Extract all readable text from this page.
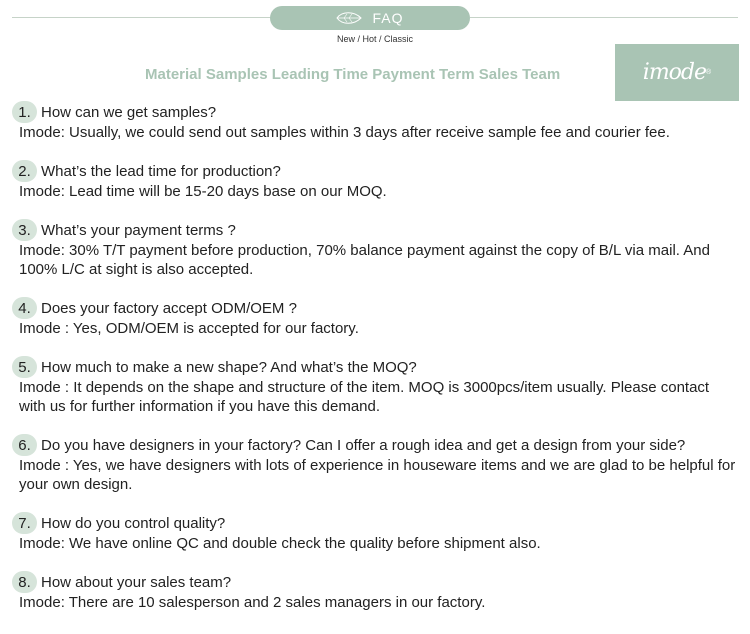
FAQ
New / Hot / Classic
Material Samples Leading Time Payment Term Sales Team	imode ®
1. How can we get samples?
Imode: Usually, we could send out samples within 3 days after receive sample fee and courier fee.
2. What’s the lead time for production?
Imode: Lead time will be 15-20 days base on our MOQ.
3. What’s your payment terms ?
Imode: 30% T/T payment before production, 70% balance payment against the copy of B/L via mail. And 100% L/C at sight is also accepted.
4. Does your factory accept ODM/OEM ?
Imode : Yes, ODM/OEM is accepted for our factory.
5. How much to make a new shape? And what’s the MOQ?
Imode : It depends on the shape and structure of the item. MOQ is 3000pcs/item usually. Please contact with us for further information if you have this demand.
6. Do you have designers in your factory? Can I offer a rough idea and get a design from your side?
Imode : Yes, we have designers with lots of experience in houseware items and we are glad to be helpful for your own design.
7. How do you control quality?
Imode: We have online QC and double check the quality before shipment also.
8. How about your sales team?
Imode: There are 10 salesperson and 2 sales managers in our factory.
